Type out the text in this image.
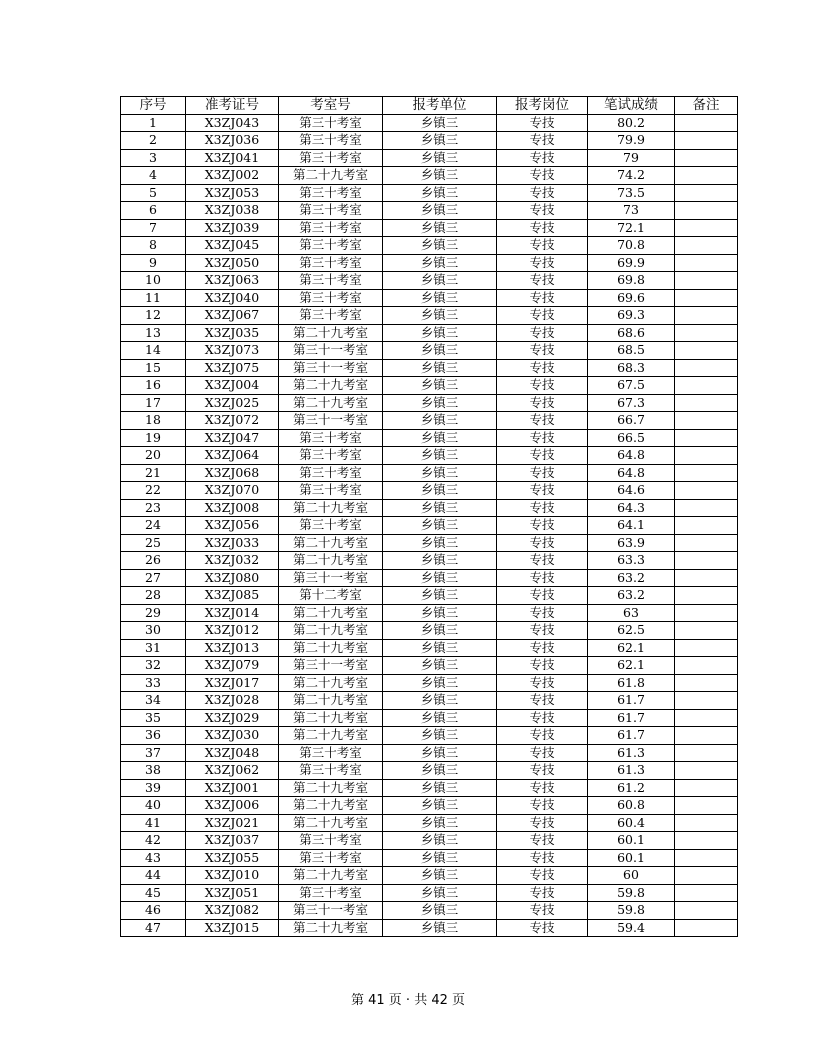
序号	准考证号	考室号	报考单位	报考岗位	笔试成绩	备注
1	X3ZJ043	第三十考室	乡镇三	专技	80.2	
2	X3ZJ036	第三十考室	乡镇三	专技	79.9	
3	X3ZJ041	第三十考室	乡镇三	专技	79	
4	X3ZJ002	第二十九考室	乡镇三	专技	74.2	
5	X3ZJ053	第三十考室	乡镇三	专技	73.5	
6	X3ZJ038	第三十考室	乡镇三	专技	73	
7	X3ZJ039	第三十考室	乡镇三	专技	72.1	
8	X3ZJ045	第三十考室	乡镇三	专技	70.8	
9	X3ZJ050	第三十考室	乡镇三	专技	69.9	
10	X3ZJ063	第三十考室	乡镇三	专技	69.8	
11	X3ZJ040	第三十考室	乡镇三	专技	69.6	
12	X3ZJ067	第三十考室	乡镇三	专技	69.3	
13	X3ZJ035	第二十九考室	乡镇三	专技	68.6	
14	X3ZJ073	第三十一考室	乡镇三	专技	68.5	
15	X3ZJ075	第三十一考室	乡镇三	专技	68.3	
16	X3ZJ004	第二十九考室	乡镇三	专技	67.5	
17	X3ZJ025	第二十九考室	乡镇三	专技	67.3	
18	X3ZJ072	第三十一考室	乡镇三	专技	66.7	
19	X3ZJ047	第三十考室	乡镇三	专技	66.5	
20	X3ZJ064	第三十考室	乡镇三	专技	64.8	
21	X3ZJ068	第三十考室	乡镇三	专技	64.8	
22	X3ZJ070	第三十考室	乡镇三	专技	64.6	
23	X3ZJ008	第二十九考室	乡镇三	专技	64.3	
24	X3ZJ056	第三十考室	乡镇三	专技	64.1	
25	X3ZJ033	第二十九考室	乡镇三	专技	63.9	
26	X3ZJ032	第二十九考室	乡镇三	专技	63.3	
27	X3ZJ080	第三十一考室	乡镇三	专技	63.2	
28	X3ZJ085	第十二考室	乡镇三	专技	63.2	
29	X3ZJ014	第二十九考室	乡镇三	专技	63	
30	X3ZJ012	第二十九考室	乡镇三	专技	62.5	
31	X3ZJ013	第二十九考室	乡镇三	专技	62.1	
32	X3ZJ079	第三十一考室	乡镇三	专技	62.1	
33	X3ZJ017	第二十九考室	乡镇三	专技	61.8	
34	X3ZJ028	第二十九考室	乡镇三	专技	61.7	
35	X3ZJ029	第二十九考室	乡镇三	专技	61.7	
36	X3ZJ030	第二十九考室	乡镇三	专技	61.7	
37	X3ZJ048	第三十考室	乡镇三	专技	61.3	
38	X3ZJ062	第三十考室	乡镇三	专技	61.3	
39	X3ZJ001	第二十九考室	乡镇三	专技	61.2	
40	X3ZJ006	第二十九考室	乡镇三	专技	60.8	
41	X3ZJ021	第二十九考室	乡镇三	专技	60.4	
42	X3ZJ037	第三十考室	乡镇三	专技	60.1	
43	X3ZJ055	第三十考室	乡镇三	专技	60.1	
44	X3ZJ010	第二十九考室	乡镇三	专技	60	
45	X3ZJ051	第三十考室	乡镇三	专技	59.8	
46	X3ZJ082	第三十一考室	乡镇三	专技	59.8	
47	X3ZJ015	第二十九考室	乡镇三	专技	59.4	
第 41 页 · 共 42 页
